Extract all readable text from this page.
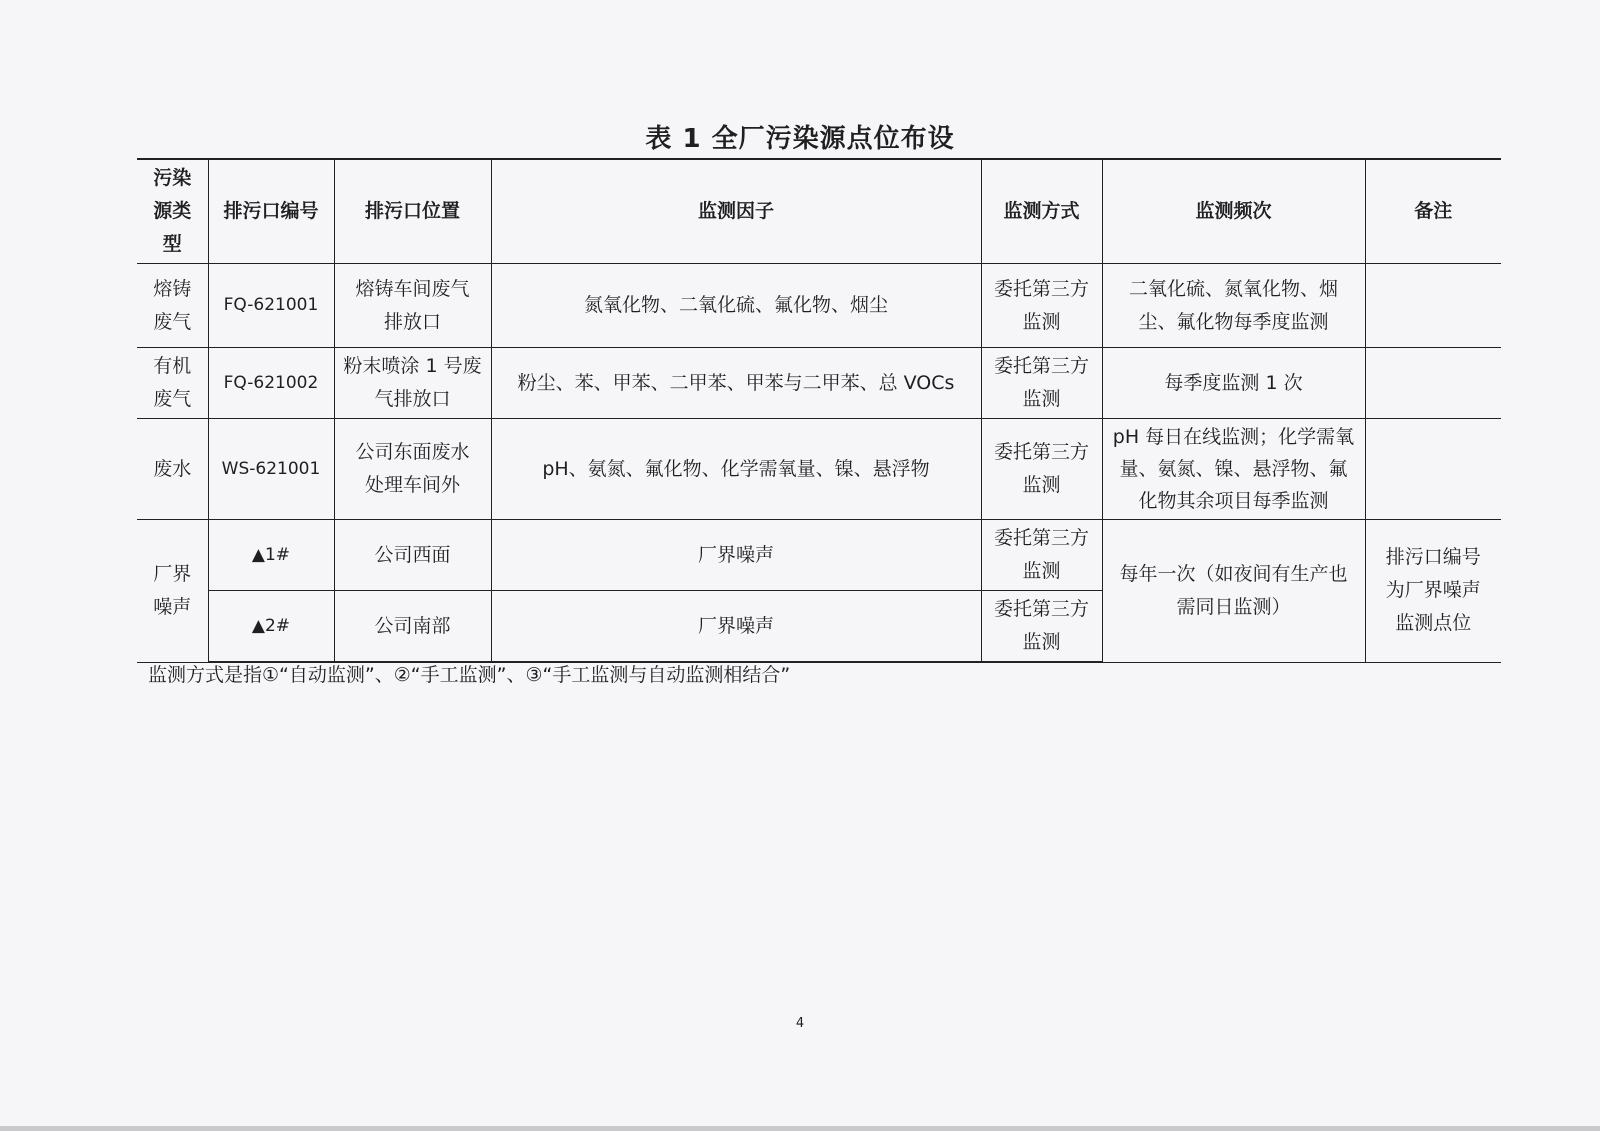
表 1 全厂污染源点位布设
污染源类型	排污口编号	排污口位置	监测因子	监测方式	监测频次	备注
熔铸废气	FQ-621001	熔铸车间废气排放口	氮氧化物、二氧化硫、氟化物、烟尘	委托第三方监测	二氧化硫、氮氧化物、烟尘、氟化物每季度监测	
有机废气	FQ-621002	粉末喷涂 1 号废气排放口	粉尘、苯、甲苯、二甲苯、甲苯与二甲苯、总 VOCs	委托第三方监测	每季度监测 1 次	
废水	WS-621001	公司东面废水处理车间外	pH、氨氮、氟化物、化学需氧量、镍、悬浮物	委托第三方监测	pH 每日在线监测；化学需氧量、氨氮、镍、悬浮物、氟化物其余项目每季监测	
厂界噪声	▲1#	公司西面	厂界噪声	委托第三方监测	每年一次（如夜间有生产也需同日监测）	排污口编号为厂界噪声监测点位
	▲2#	公司南部	厂界噪声	委托第三方监测		
监测方式是指①“自动监测”、②“手工监测”、③“手工监测与自动监测相结合”
4
